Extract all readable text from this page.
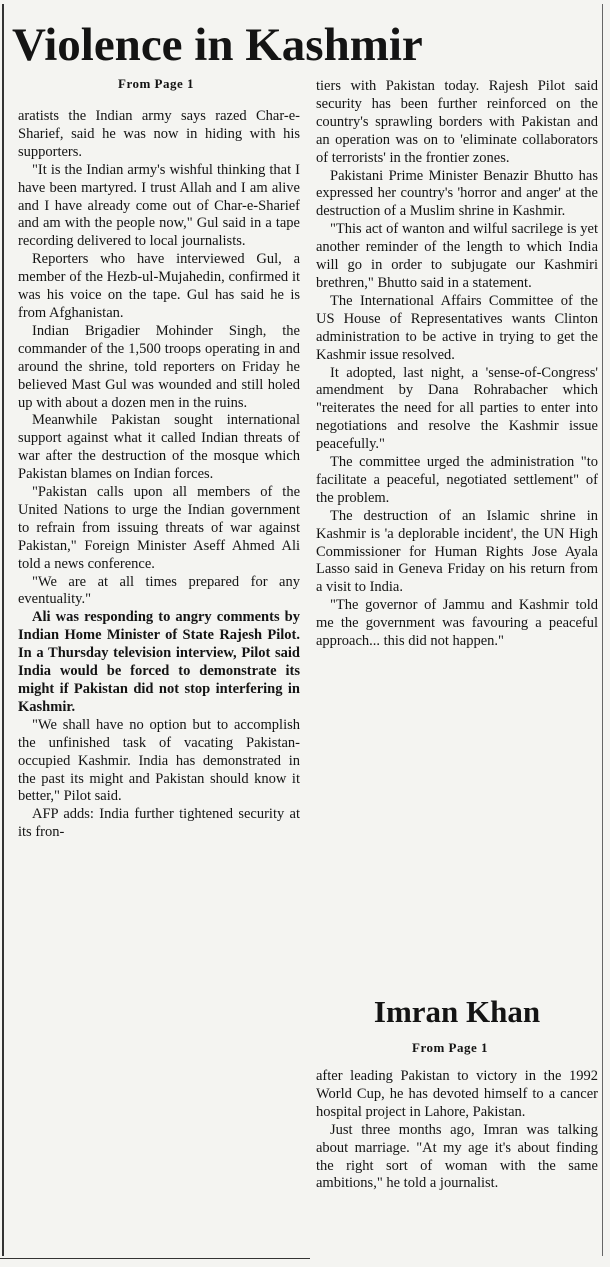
Violence in Kashmir
From Page 1

aratists the Indian army says razed Char-e-Sharief, said he was now in hiding with his supporters.

"It is the Indian army's wishful thinking that I have been martyred. I trust Allah and I am alive and I have already come out of Char-e-Sharief and am with the people now," Gul said in a tape recording delivered to local journalists.

Reporters who have interviewed Gul, a member of the Hezb-ul-Mujahedin, confirmed it was his voice on the tape. Gul has said he is from Afghanistan.

Indian Brigadier Mohinder Singh, the commander of the 1,500 troops operating in and around the shrine, told reporters on Friday he believed Mast Gul was wounded and still holed up with about a dozen men in the ruins.

Meanwhile Pakistan sought international support against what it called Indian threats of war after the destruction of the mosque which Pakistan blames on Indian forces.

"Pakistan calls upon all members of the United Nations to urge the Indian government to refrain from issuing threats of war against Pakistan," Foreign Minister Aseff Ahmed Ali told a news conference.

"We are at all times prepared for any eventuality."

Ali was responding to angry comments by Indian Home Minister of State Rajesh Pilot. In a Thursday television interview, Pilot said India would be forced to demonstrate its might if Pakistan did not stop interfering in Kashmir.

"We shall have no option but to accomplish the unfinished task of vacating Pakistan-occupied Kashmir. India has demonstrated in the past its might and Pakistan should know it better," Pilot said.

AFP adds: India further tightened security at its fron-

tiers with Pakistan today. Rajesh Pilot said security has been further reinforced on the country's sprawling borders with Pakistan and an operation was on to 'eliminate collaborators of terrorists' in the frontier zones.

Pakistani Prime Minister Benazir Bhutto has expressed her country's 'horror and anger' at the destruction of a Muslim shrine in Kashmir.

"This act of wanton and wilful sacrilege is yet another reminder of the length to which India will go in order to subjugate our Kashmiri brethren," Bhutto said in a statement.

The International Affairs Committee of the US House of Representatives wants Clinton administration to be active in trying to get the Kashmir issue resolved.

It adopted, last night, a 'sense-of-Congress' amendment by Dana Rohrabacher which "reiterates the need for all parties to enter into negotiations and resolve the Kashmir issue peacefully."

The committee urged the administration "to facilitate a peaceful, negotiated settlement" of the problem.

The destruction of an Islamic shrine in Kashmir is 'a deplorable incident', the UN High Commissioner for Human Rights Jose Ayala Lasso said in Geneva Friday on his return from a visit to India.

"The governor of Jammu and Kashmir told me the government was favouring a peaceful approach... this did not happen."

Imran Khan
From Page 1

after leading Pakistan to victory in the 1992 World Cup, he has devoted himself to a cancer hospital project in Lahore, Pakistan.

Just three months ago, Imran was talking about marriage. "At my age it's about finding the right sort of woman with the same ambitions," he told a journalist.
